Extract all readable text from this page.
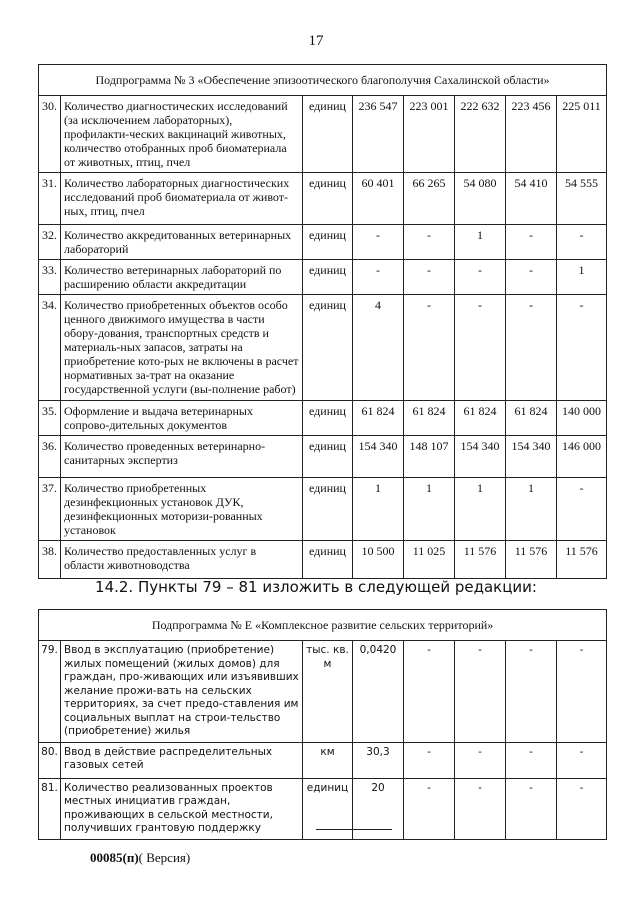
17
Подпрограмма № 3 «Обеспечение эпизоотического благополучия Сахалинской области»							
30.	Количество диагностических исследований (за исключением лабораторных), профилакти-ческих вакцинаций животных, количество отобранных проб биоматериала от животных, птиц, пчел	единиц	236 547	223 001	222 632	223 456	225 011
31.	Количество лабораторных диагностических исследований проб биоматериала от живот-ных, птиц, пчел	единиц	60 401	66 265	54 080	54 410	54 555
32.	Количество аккредитованных ветеринарных лабораторий	единиц	-	-	1	-	-
33.	Количество ветеринарных лабораторий по расширению области аккредитации	единиц	-	-	-	-	1
34.	Количество приобретенных объектов особо ценного движимого имущества в части обору-дования, транспортных средств и материаль-ных запасов, затраты на приобретение кото-рых не включены в расчет нормативных за-трат на оказание государственной услуги (вы-полнение работ)	единиц	4	-	-	-	-
35.	Оформление и выдача ветеринарных сопрово-дительных документов	единиц	61 824	61 824	61 824	61 824	140 000
36.	Количество проведенных ветеринарно-санитарных экспертиз	единиц	154 340	148 107	154 340	154 340	146 000
37.	Количество приобретенных дезинфекционных установок ДУК, дезинфекционных моторизи-рованных установок	единиц	1	1	1	1	-
38.	Количество предоставленных услуг в области животноводства	единиц	10 500	11 025	11 576	11 576	11 576
14.2. Пункты 79 – 81 изложить в следующей редакции:
Подпрограмма № Е «Комплексное развитие сельских территорий»							
79.	Ввод в эксплуатацию (приобретение) жилых помещений (жилых домов) для граждан, про-живающих или изъявивших желание прожи-вать на сельских территориях, за счет предо-ставления им социальных выплат на строи-тельство (приобретение) жилья	тыс. кв. м	0,0420	-	-	-	-
80.	Ввод в действие распределительных газовых сетей	км	30,3	-	-	-	-
81.	Количество реализованных проектов местных инициатив граждан, проживающих в сельской местности, получивших грантовую поддержку	единиц	20	-	-	-	-
00085(п)( Версия)
